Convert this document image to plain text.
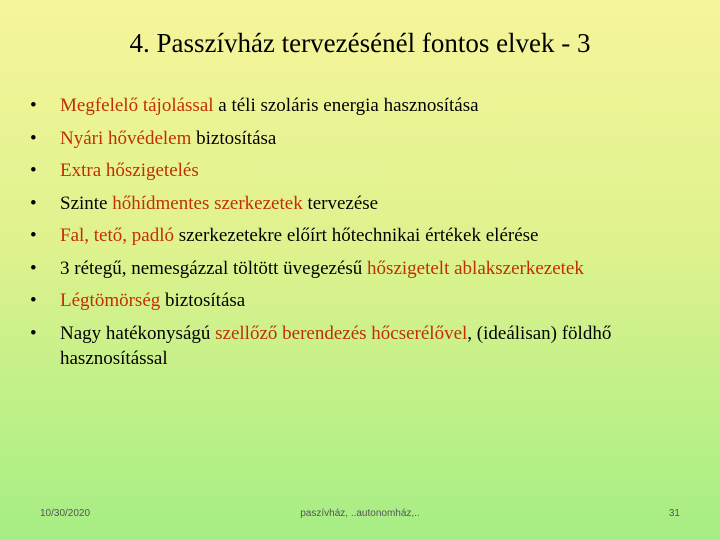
4. Passzívház tervezésénél fontos elvek - 3
• Megfelelő tájolással a téli szoláris energia hasznosítása
• Nyári hővédelem biztosítása
• Extra hőszigetelés
• Szinte hőhídmentes szerkezetek tervezése
• Fal, tető, padló szerkezetekre előírt hőtechnikai értékek elérése
• 3 rétegű, nemesgázzal töltött üvegezésű hőszigetelt ablakszerkezetek
• Légtömörség biztosítása
• Nagy hatékonyságú szellőző berendezés hőcserélővel, (ideálisan) földhő hasznosítással
10/30/2020	paszívház, ..autonomház,..	31
